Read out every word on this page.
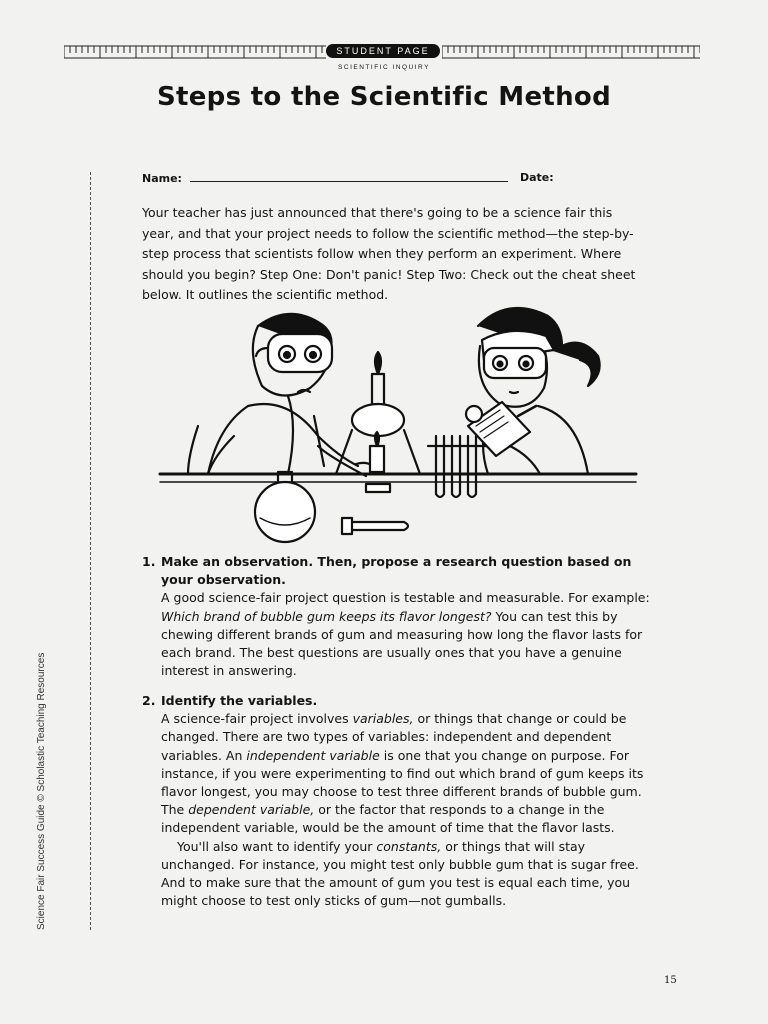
STUDENT PAGE
SCIENTIFIC INQUIRY
Steps to the Scientific Method
Science Fair Success Guide © Scholastic Teaching Resources
Name:	Date:

Your teacher has just announced that there's going to be a science fair this year, and that your project needs to follow the scientific method—the step-by-step process that scientists follow when they perform an experiment. Where should you begin? Step One: Don't panic! Step Two: Check out the cheat sheet below. It outlines the scientific method.

1. Make an observation. Then, propose a research question based on your observation.
A good science-fair project question is testable and measurable. For example: Which brand of bubble gum keeps its flavor longest? You can test this by chewing different brands of gum and measuring how long the flavor lasts for each brand. The best questions are usually ones that you have a genuine interest in answering.
2. Identify the variables.
A science-fair project involves variables, or things that change or could be changed. There are two types of variables: independent and dependent variables. An independent variable is one that you change on purpose. For instance, if you were experimenting to find out which brand of gum keeps its flavor longest, you may choose to test three different brands of bubble gum. The dependent variable, or the factor that responds to a change in the independent variable, would be the amount of time that the flavor lasts.
You'll also want to identify your constants, or things that will stay unchanged. For instance, you might test only bubble gum that is sugar free. And to make sure that the amount of gum you test is equal each time, you might choose to test only sticks of gum—not gumballs.
15
